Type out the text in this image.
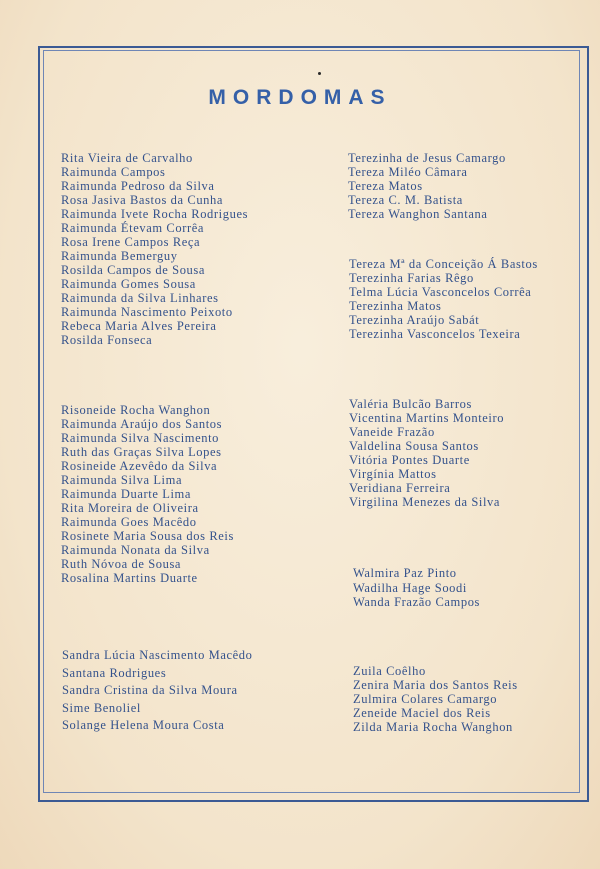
MORDOMAS
Rita Vieira de Carvalho
Raimunda Campos
Raimunda Pedroso da Silva
Rosa Jasiva Bastos da Cunha
Raimunda Ivete Rocha Rodrigues
Raimunda Étevam Corrêa
Rosa Irene Campos Reça
Raimunda Bemerguy
Rosilda Campos de Sousa
Raimunda Gomes Sousa
Raimunda da Silva Linhares
Raimunda Nascimento Peixoto
Rebeca Maria Alves Pereira
Rosilda Fonseca
Risoneide Rocha Wanghon
Raimunda Araújo dos Santos
Raimunda Silva Nascimento
Ruth das Graças Silva Lopes
Rosineide Azevêdo da Silva
Raimunda Silva Lima
Raimunda Duarte Lima
Rita Moreira de Oliveira
Raimunda Goes Macêdo
Rosinete Maria Sousa dos Reis
Raimunda Nonata da Silva
Ruth Nóvoa de Sousa
Rosalina Martins Duarte
Sandra Lúcia Nascimento Macêdo
Santana Rodrigues
Sandra Cristina da Silva Moura
Sime Benoliel
Solange Helena Moura Costa
Terezinha de Jesus Camargo
Tereza Miléo Câmara
Tereza Matos
Tereza C. M. Batista
Tereza Wanghon Santana
Tereza Mª da Conceição Á Bastos
Terezinha Farias Rêgo
Telma Lúcia Vasconcelos Corrêa
Terezinha Matos
Terezinha Araújo Sabát
Terezinha Vasconcelos Texeira
Valéria Bulcão Barros
Vicentina Martins Monteiro
Vaneide Frazão
Valdelina Sousa Santos
Vitória Pontes Duarte
Virgínia Mattos
Veridiana Ferreira
Virgilina Menezes da Silva
Walmira Paz Pinto
Wadilha Hage Soodi
Wanda Frazão Campos
Zuila Coêlho
Zenira Maria dos Santos Reis
Zulmira Colares Camargo
Zeneide Maciel dos Reis
Zilda Maria Rocha Wanghon
